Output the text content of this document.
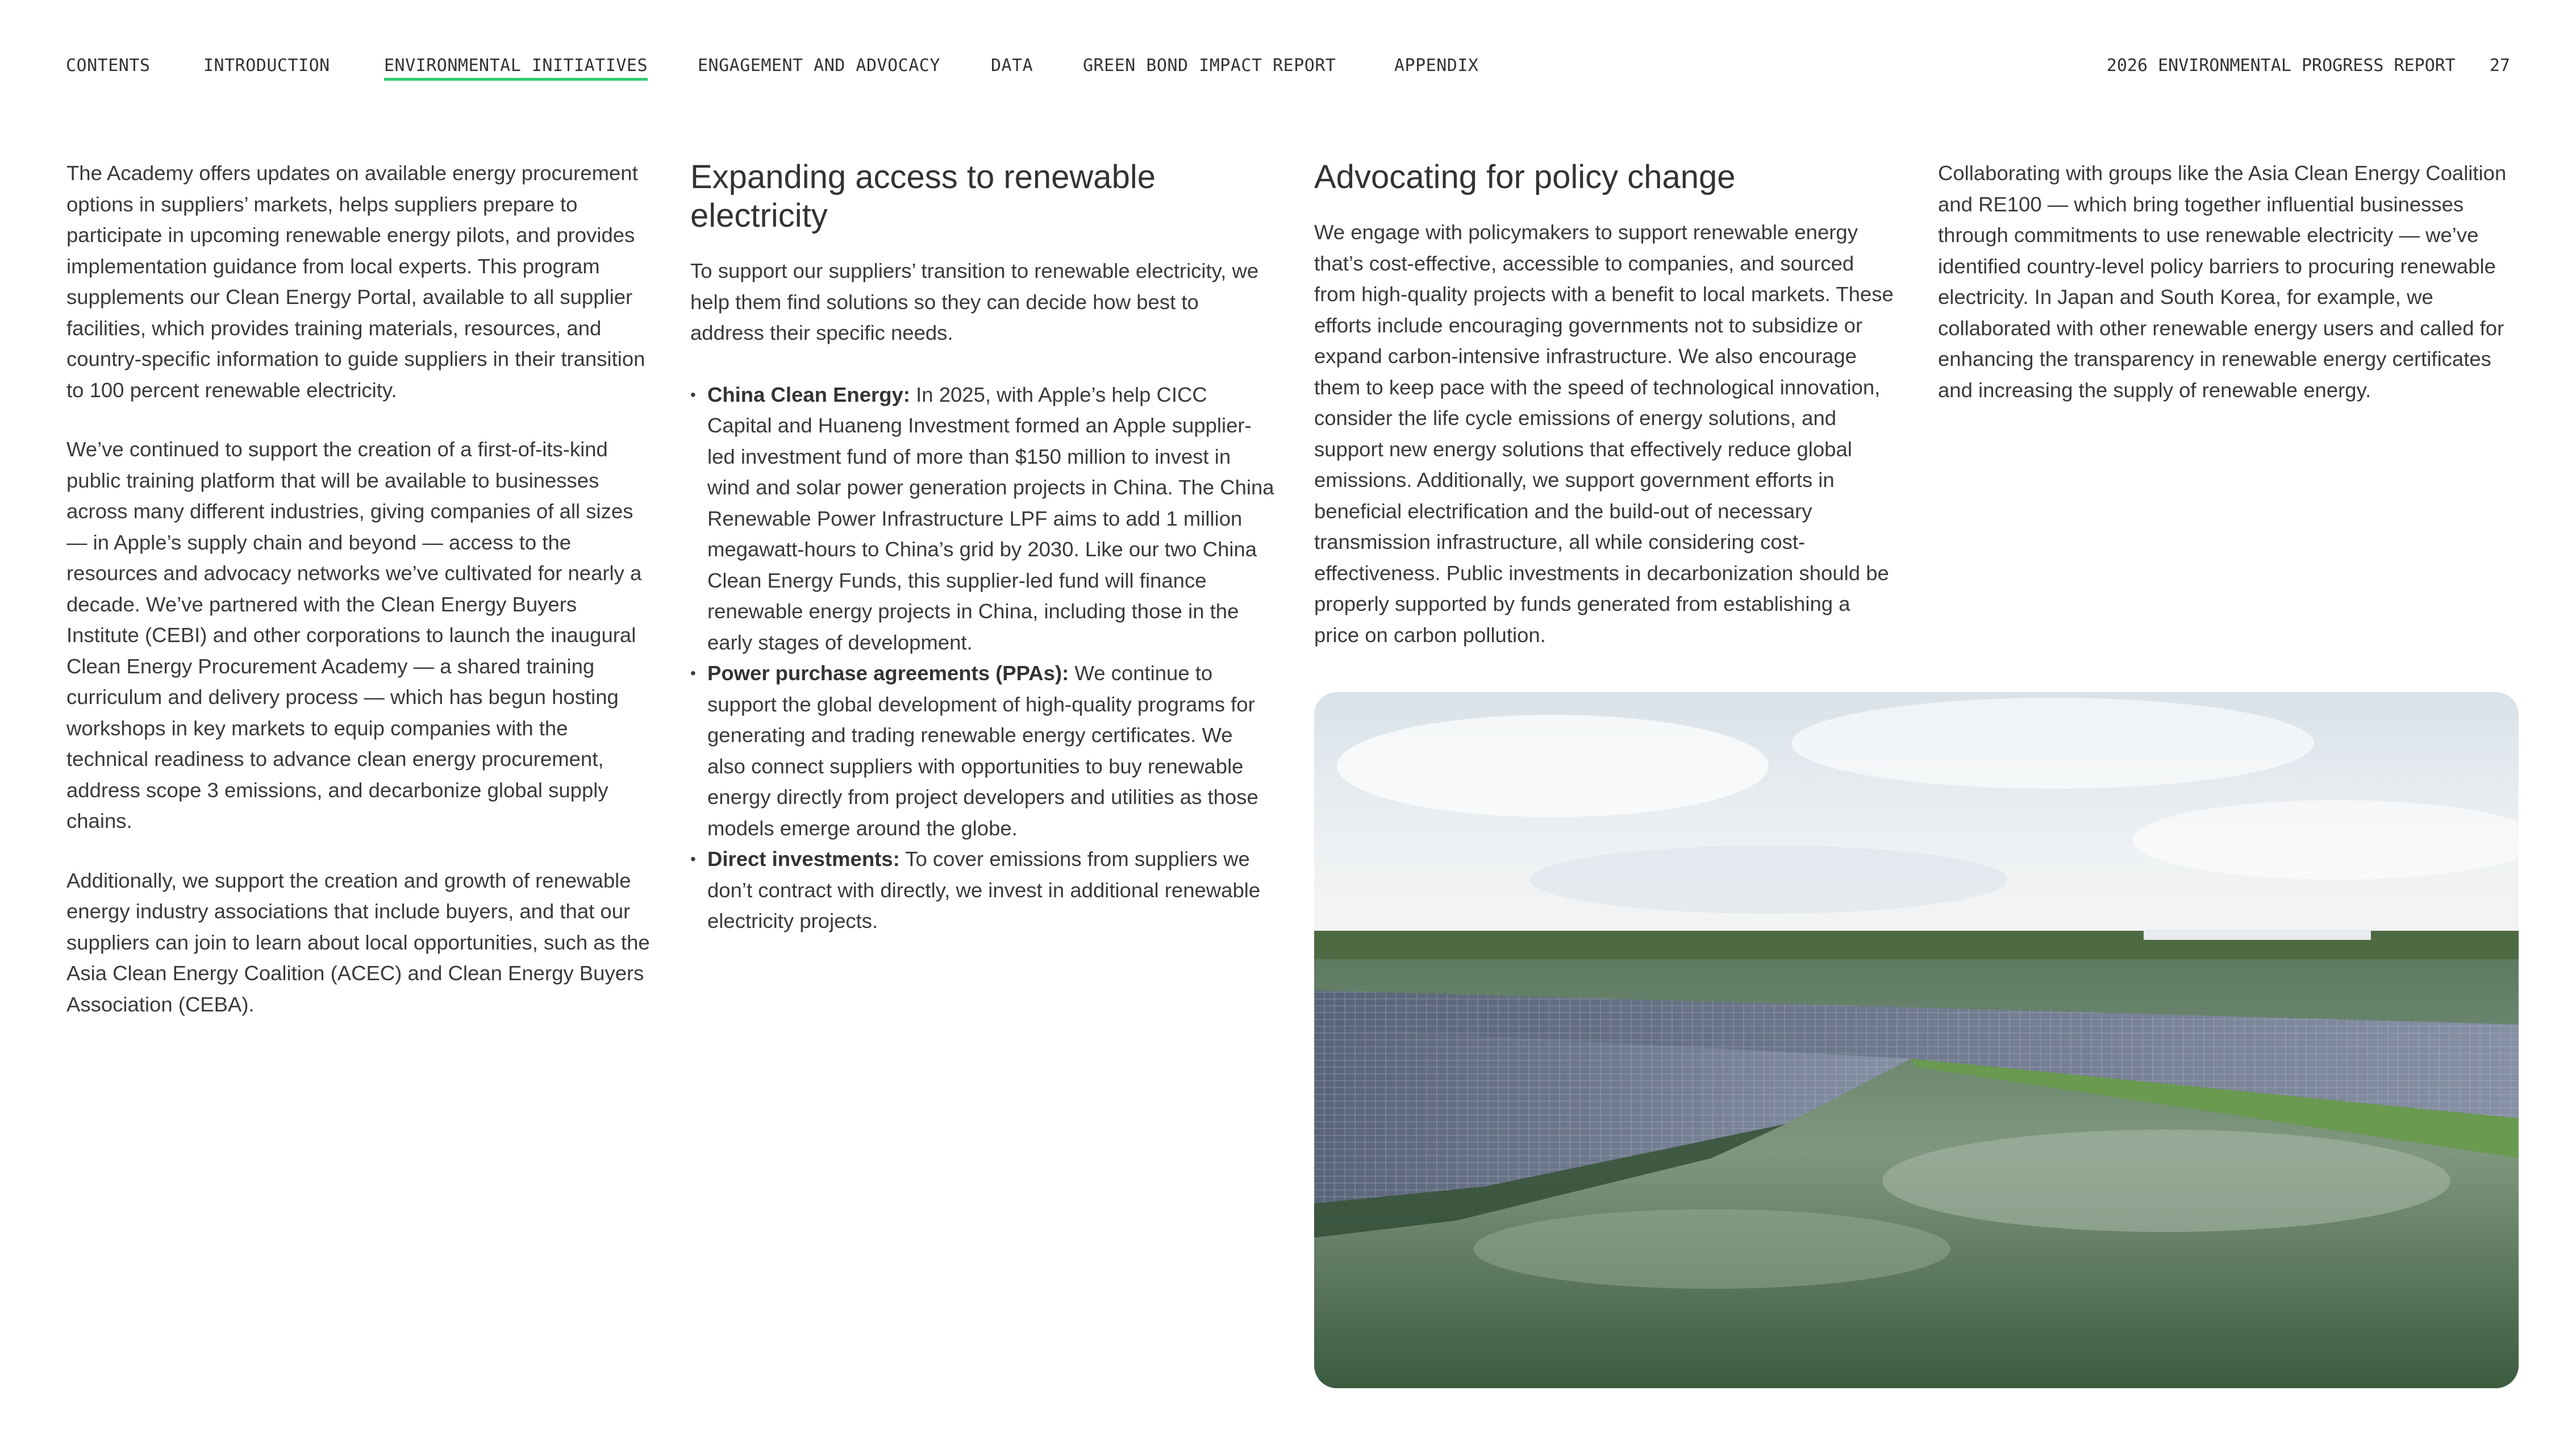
CONTENTS	INTRODUCTION	ENVIRONMENTAL INITIATIVES	ENGAGEMENT AND ADVOCACY	DATA	GREEN BOND IMPACT REPORT	APPENDIX	2026 ENVIRONMENTAL PROGRESS REPORT 27

The Academy offers updates on available energy procurement options in suppliers’ markets, helps suppliers prepare to participate in upcoming renewable energy pilots, and provides implementation guidance from local experts. This program supplements our Clean Energy Portal, available to all supplier facilities, which provides training materials, resources, and country-specific information to guide suppliers in their transition to 100 percent renewable electricity.

We’ve continued to support the creation of a first-of-its-kind public training platform that will be available to businesses across many different industries, giving companies of all sizes — in Apple’s supply chain and beyond — access to the resources and advocacy networks we’ve cultivated for nearly a decade. We’ve partnered with the Clean Energy Buyers Institute (CEBI) and other corporations to launch the inaugural Clean Energy Procurement Academy — a shared training curriculum and delivery process — which has begun hosting workshops in key markets to equip companies with the technical readiness to advance clean energy procurement, address scope 3 emissions, and decarbonize global supply chains.

Additionally, we support the creation and growth of renewable energy industry associations that include buyers, and that our suppliers can join to learn about local opportunities, such as the Asia Clean Energy Coalition (ACEC) and Clean Energy Buyers Association (CEBA).

Expanding access to renewable electricity

To support our suppliers’ transition to renewable electricity, we help them find solutions so they can decide how best to address their specific needs.

• China Clean Energy: In 2025, with Apple’s help CICC Capital and Huaneng Investment formed an Apple supplier-led investment fund of more than $150 million to invest in wind and solar power generation projects in China. The China Renewable Power Infrastructure LPF aims to add 1 million megawatt-hours to China’s grid by 2030. Like our two China Clean Energy Funds, this supplier-led fund will finance renewable energy projects in China, including those in the early stages of development.
• Power purchase agreements (PPAs): We continue to support the global development of high-quality programs for generating and trading renewable energy certificates. We also connect suppliers with opportunities to buy renewable energy directly from project developers and utilities as those models emerge around the globe.
• Direct investments: To cover emissions from suppliers we don’t contract with directly, we invest in additional renewable electricity projects.
Advocating for policy change

We engage with policymakers to support renewable energy that’s cost-effective, accessible to companies, and sourced from high-quality projects with a benefit to local markets. These efforts include encouraging governments not to subsidize or expand carbon-intensive infrastructure. We also encourage them to keep pace with the speed of technological innovation, consider the life cycle emissions of energy solutions, and support new energy solutions that effectively reduce global emissions. Additionally, we support government efforts in beneficial electrification and the build-out of necessary transmission infrastructure, all while considering cost-effectiveness. Public investments in decarbonization should be properly supported by funds generated from establishing a price on carbon pollution.

Collaborating with groups like the Asia Clean Energy Coalition and RE100 — which bring together influential businesses through commitments to use renewable electricity — we’ve identified country-level policy barriers to procuring renewable electricity. In Japan and South Korea, for example, we collaborated with other renewable energy users and called for enhancing the transparency in renewable energy certificates and increasing the supply of renewable energy.
